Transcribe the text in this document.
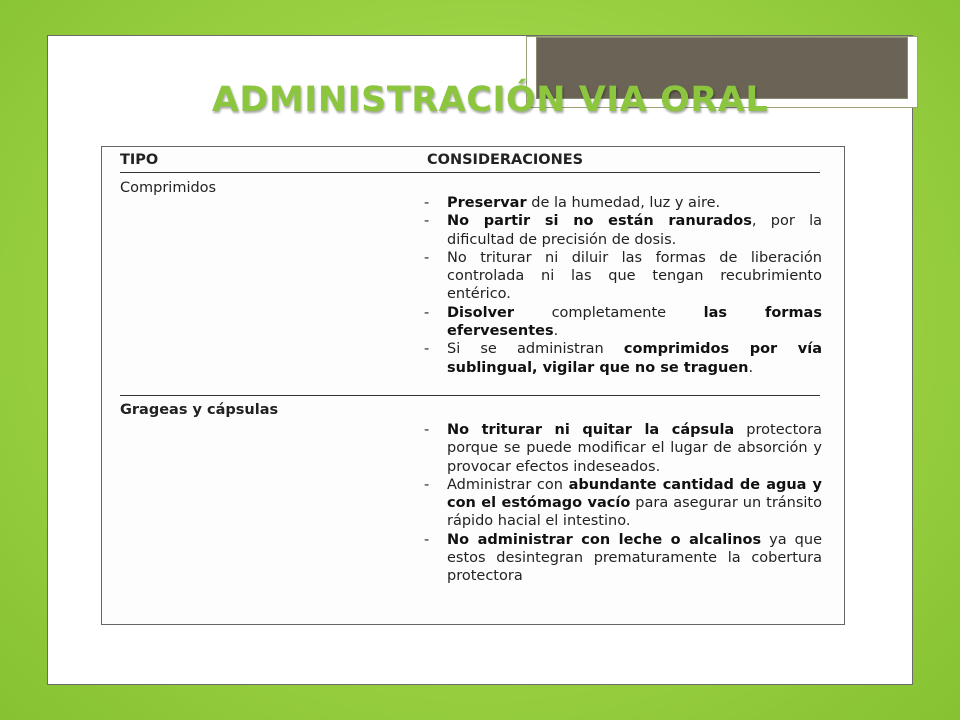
ADMINISTRACIÓN VIA ORAL
TIPO	CONSIDERACIONES
Comprimidos
- Preservar de la humedad, luz y aire.
- No partir si no están ranurados, por la dificultad de precisión de dosis.
- No triturar ni diluir las formas de liberación controlada ni las que tengan recubrimiento entérico.
- Disolver completamente las formas efervesentes.
- Si se administran comprimidos por vía sublingual, vigilar que no se traguen.
Grageas y cápsulas
- No triturar ni quitar la cápsula protectora porque se puede modificar el lugar de absorción y provocar efectos indeseados.
- Administrar con abundante cantidad de agua y con el estómago vacío para asegurar un tránsito rápido hacial el intestino.
- No administrar con leche o alcalinos ya que estos desintegran prematuramente la cobertura protectora
